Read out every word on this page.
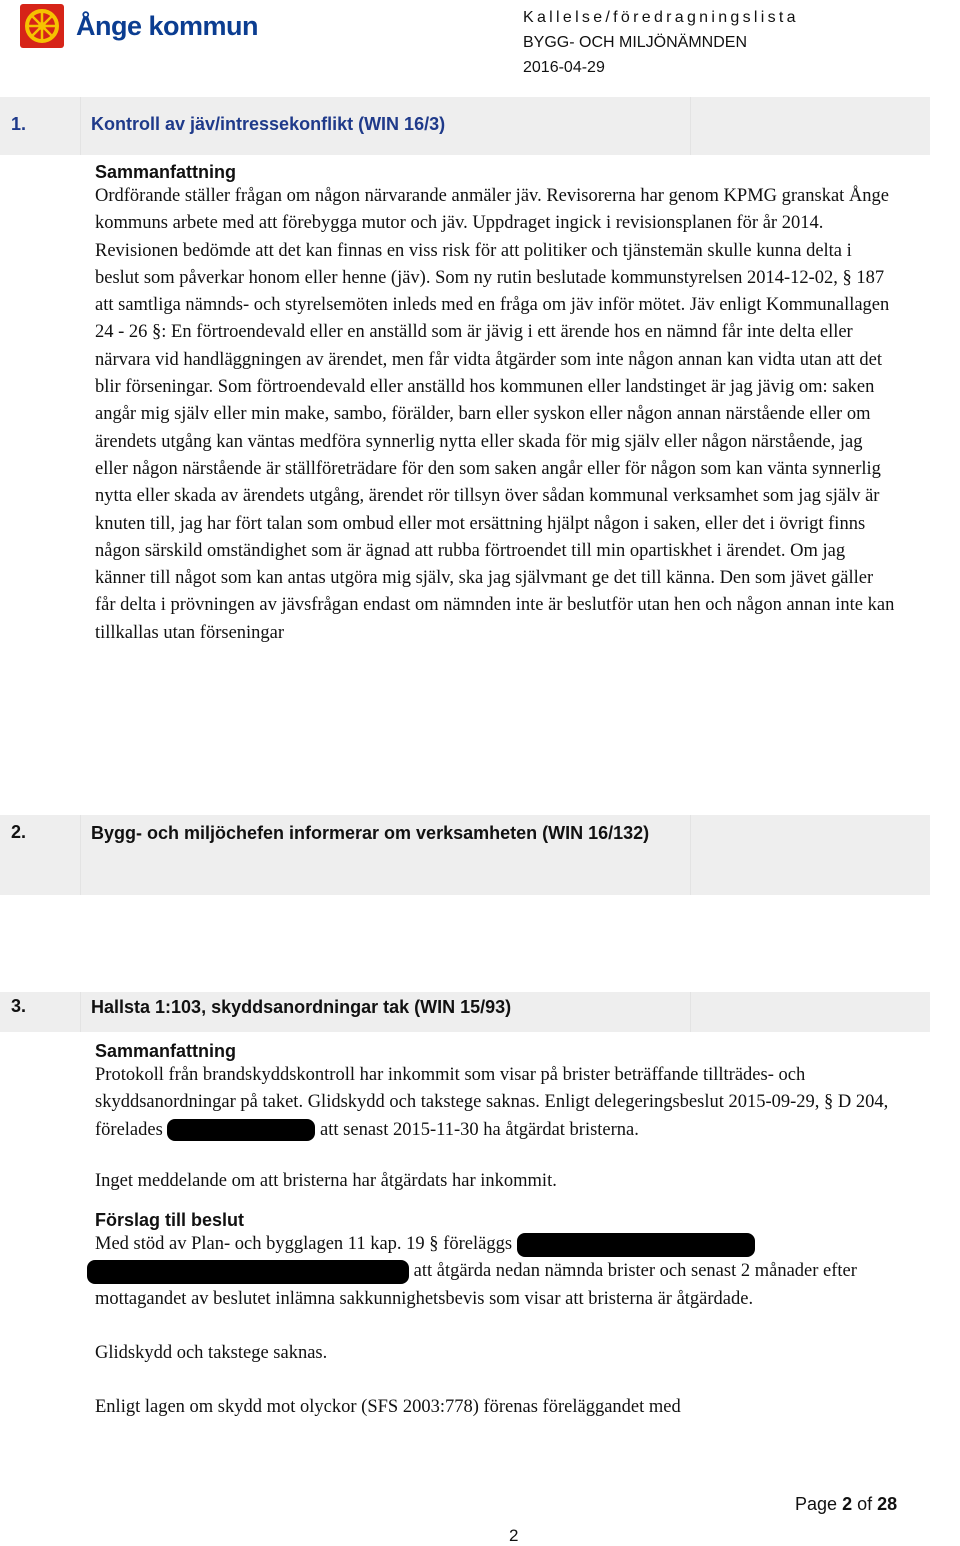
Ånge kommun	Kallelse/föredragningslista
BYGG- OCH MILJÖNÄMNDEN
2016-04-29
1.	Kontroll av jäv/intressekonflikt (WIN 16/3)
Sammanfattning

Ordförande ställer frågan om någon närvarande anmäler jäv. Revisorerna har genom KPMG granskat Ånge kommuns arbete med att förebygga mutor och jäv. Uppdraget ingick i revisionsplanen för år 2014. Revisionen bedömde att det kan finnas en viss risk för att politiker och tjänstemän skulle kunna delta i beslut som påverkar honom eller henne (jäv). Som ny rutin beslutade kommunstyrelsen 2014-12-02, § 187 att samtliga nämnds- och styrelsemöten inleds med en fråga om jäv inför mötet. Jäv enligt Kommunallagen 24 - 26 §: En förtroendevald eller en anställd som är jävig i ett ärende hos en nämnd får inte delta eller närvara vid handläggningen av ärendet, men får vidta åtgärder som inte någon annan kan vidta utan att det blir förseningar. Som förtroendevald eller anställd hos kommunen eller landstinget är jag jävig om: saken angår mig själv eller min make, sambo, förälder, barn eller syskon eller någon annan närstående eller om ärendets utgång kan väntas medföra synnerlig nytta eller skada för mig själv eller någon närstående, jag eller någon närstående är ställföreträdare för den som saken angår eller för någon som kan vänta synnerlig nytta eller skada av ärendets utgång, ärendet rör tillsyn över sådan kommunal verksamhet som jag själv är knuten till, jag har fört talan som ombud eller mot ersättning hjälpt någon i saken, eller det i övrigt finns någon särskild omständighet som är ägnad att rubba förtroendet till min opartiskhet i ärendet. Om jag känner till något som kan antas utgöra mig själv, ska jag självmant ge det till känna. Den som jävet gäller får delta i prövningen av jävsfrågan endast om nämnden inte är beslutför utan hen och någon annan inte kan tillkallas utan förseningar

2.	Bygg- och miljöchefen informerar om verksamheten (WIN 16/132)
3.	Hallsta 1:103, skyddsanordningar tak (WIN 15/93)
Sammanfattning

Protokoll från brandskyddskontroll har inkommit som visar på brister beträffande tillträdes- och skyddsanordningar på taket. Glidskydd och takstege saknas. Enligt delegeringsbeslut 2015-09-29, § D 204, förelades	att senast 2015-11-30 ha åtgärdat bristerna.

Inget meddelande om att bristerna har åtgärdats har inkommit.

Förslag till beslut

Med stöd av Plan- och bygglagen 11 kap. 19 § föreläggs   att åtgärda nedan nämnda brister och senast 2 månader efter mottagandet av beslutet inlämna sakkunnighetsbevis som visar att bristerna är åtgärdade.

Glidskydd och takstege saknas.

Enligt lagen om skydd mot olyckor (SFS 2003:778) förenas föreläggandet med

Page 2 of 28
2
